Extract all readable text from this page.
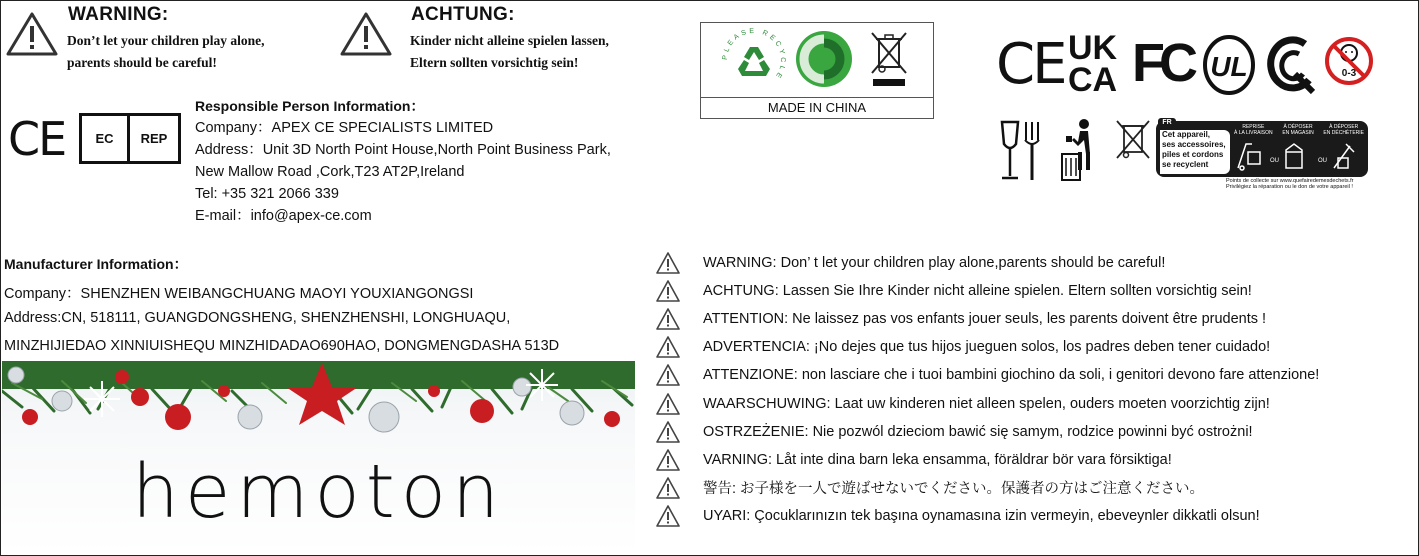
WARNING:
Don’t let your children play alone,
parents should be careful!
ACHTUNG:
Kinder nicht alleine spielen lassen,
Eltern sollten vorsichtig sein!
CE	EC	REP
Responsible Person Information：
Company：APEX CE SPECIALISTS LIMITED
Address：Unit 3D North Point House,North Point Business Park,
New Mallow Road ,Cork,T23 AT2P,Ireland
Tel: +35 321 2066 339
E-mail：info@apex-ce.com
PLEASE RECYCLE
MADE IN CHINA
CE UK
CA FC UL	0-3
FR
Cet appareil,
ses accessoires,
piles et cordons
se recyclent
REPRISE
À LA LIVRAISON
À DÉPOSER
EN MAGASIN
À DÉPOSER
EN DÉCHÈTERIE
OU	OU
Points de collecte sur www.quefairedemesdechets.fr
Privilégiez la réparation ou le don de votre appareil !
Manufacturer Information：
Company：SHENZHEN WEIBANGCHUANG MAOYI YOUXIANGONGSI
Address:CN, 518111, GUANGDONGSHENG, SHENZHENSHI, LONGHUAQU,
MINZHIJIEDAO XINNIUISHEQU MINZHIDADAO690HAO, DONGMENGDASHA 513D
hemoton
WARNING: Don’ t let your children play alone,parents should be careful!
ACHTUNG: Lassen Sie Ihre Kinder nicht alleine spielen. Eltern sollten vorsichtig sein!
ATTENTION: Ne laissez pas vos enfants jouer seuls, les parents doivent être prudents !
ADVERTENCIA: ¡No dejes que tus hijos jueguen solos, los padres deben tener cuidado!
ATTENZIONE: non lasciare che i tuoi bambini giochino da soli, i genitori devono fare attenzione!
WAARSCHUWING: Laat uw kinderen niet alleen spelen, ouders moeten voorzichtig zijn!
OSTRZEŻENIE: Nie pozwól dzieciom bawić się samym, rodzice powinni być ostrożni!
VARNING: Låt inte dina barn leka ensamma, föräldrar bör vara försiktiga!
警告: お子様を一人で遊ばせないでください。保護者の方はご注意ください。
UYARI: Çocuklarınızın tek başına oynamasına izin vermeyin, ebeveynler dikkatli olsun!
